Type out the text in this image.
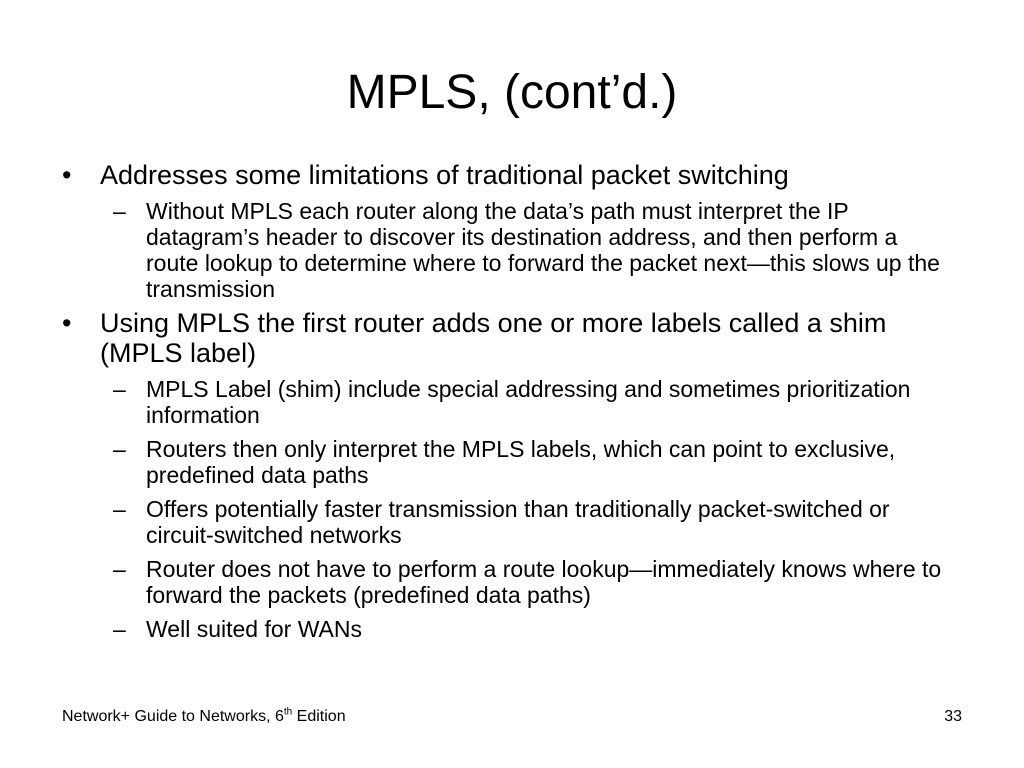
MPLS, (cont’d.)
• Addresses some limitations of traditional packet switching
– Without MPLS each router along the data’s path must interpret the IP datagram’s header to discover its destination address, and then perform a route lookup to determine where to forward the packet next—this slows up the transmission
• Using MPLS the first router adds one or more labels called a shim (MPLS label)
– MPLS Label (shim) include special addressing and sometimes prioritization information
– Routers then only interpret the MPLS labels, which can point to exclusive, predefined data paths
– Offers potentially faster transmission than traditionally packet-switched or circuit-switched networks
– Router does not have to perform a route lookup—immediately knows where to forward the packets (predefined data paths)
– Well suited for WANs
Network+ Guide to Networks, 6th Edition	33
